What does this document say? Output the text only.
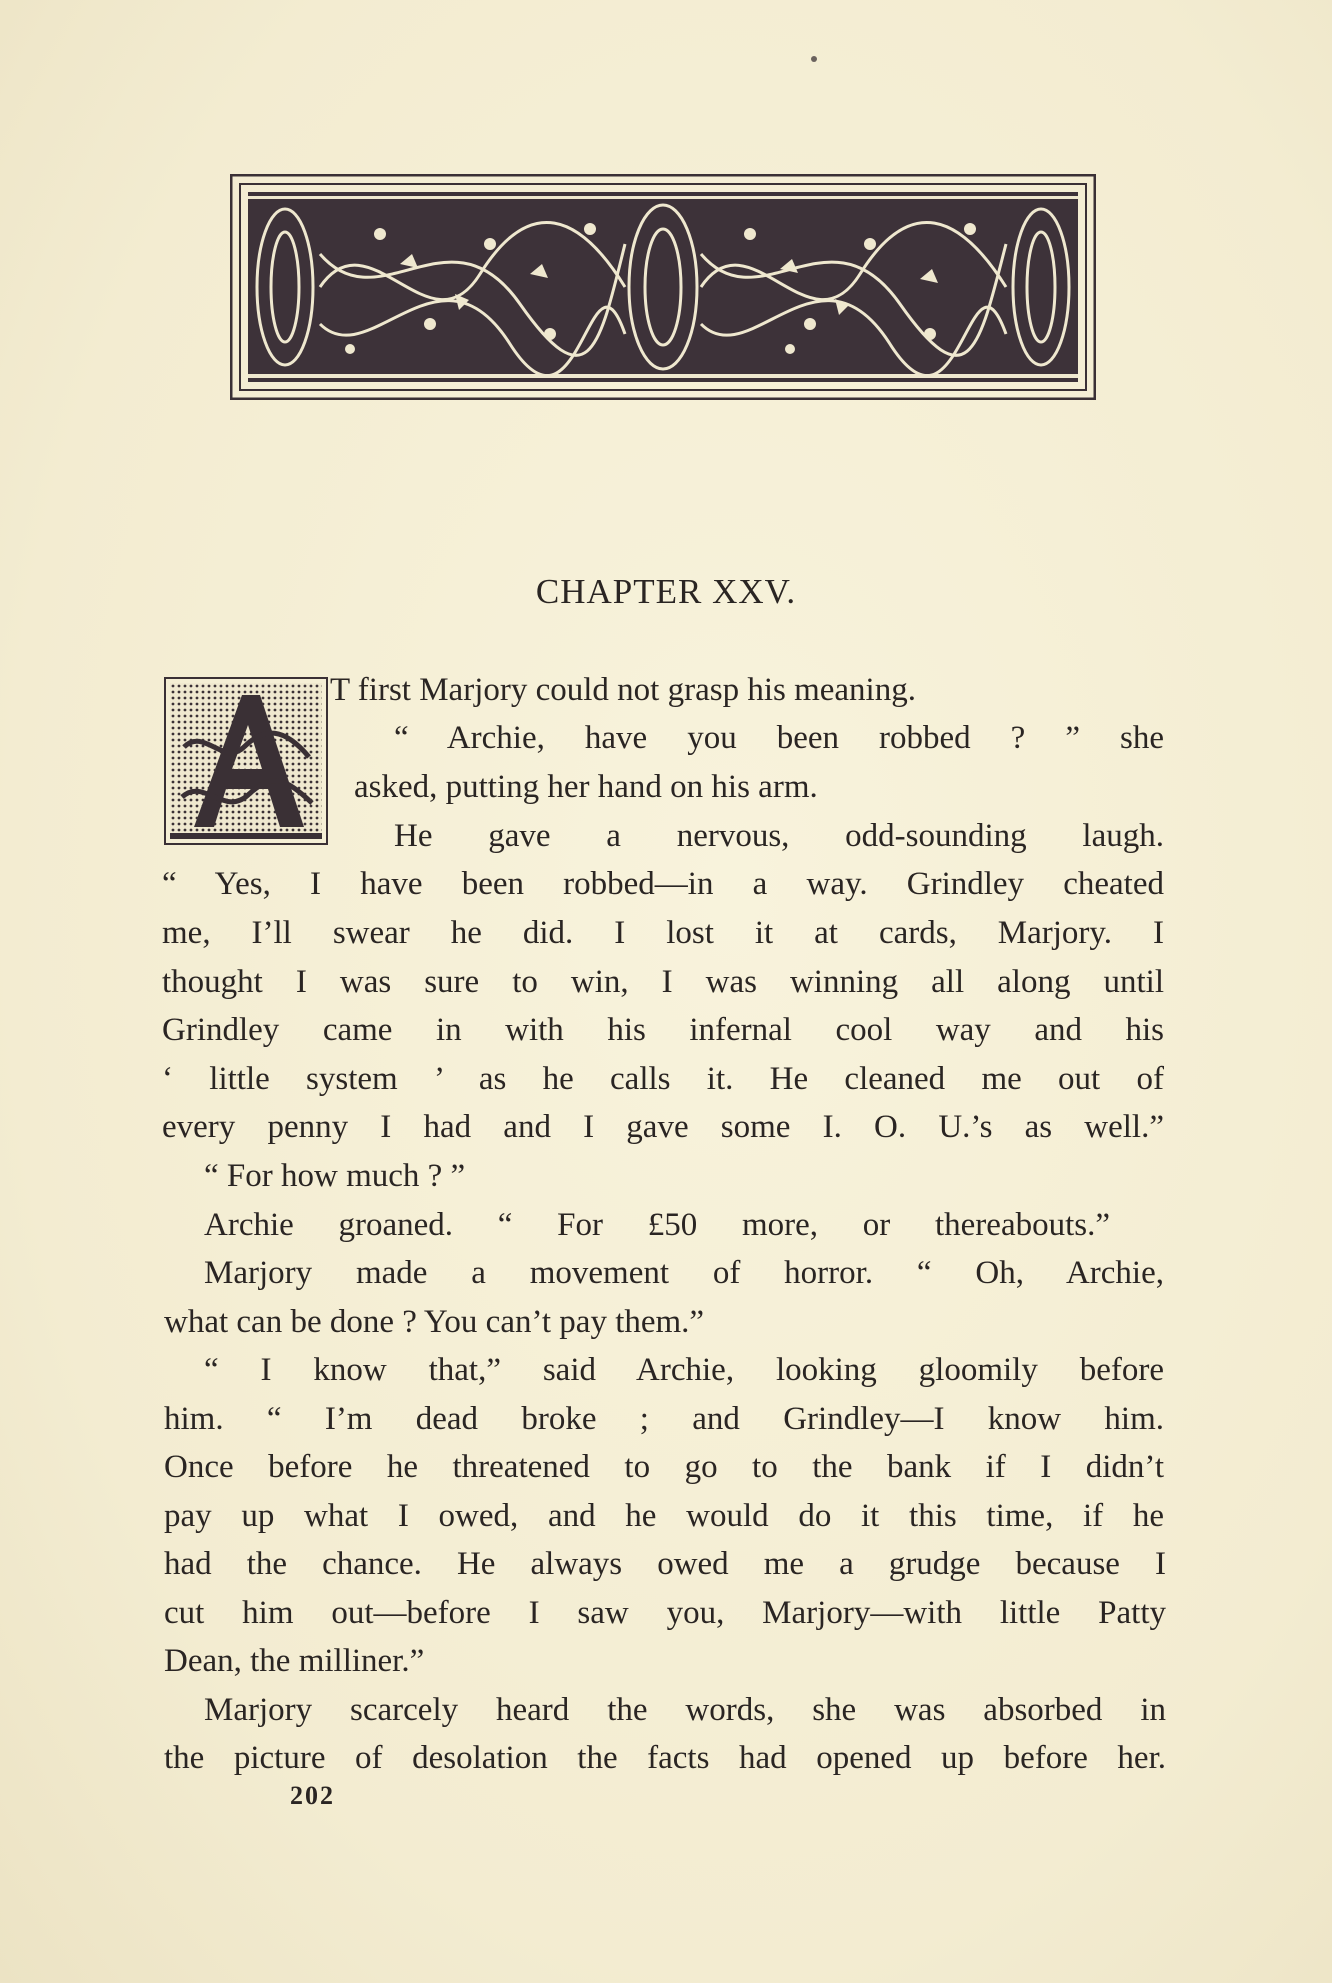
CHAPTER XXV.
T first Marjory could not grasp his meaning.
“ Archie, have you been robbed ? ” she
asked, putting her hand on his arm.
He gave a nervous, odd-sounding laugh.
“ Yes, I have been robbed—in a way. Grindley cheated
me, I’ll swear he did. I lost it at cards, Marjory. I
thought I was sure to win, I was winning all along until
Grindley came in with his infernal cool way and his
‘ little system ’ as he calls it. He cleaned me out of
every penny I had and I gave some I. O. U.’s as well.”
“ For how much ? ”
Archie groaned. “ For £50 more, or thereabouts.”
Marjory made a movement of horror. “ Oh, Archie,
what can be done ? You can’t pay them.”
“ I know that,” said Archie, looking gloomily before
him. “ I’m dead broke ; and Grindley—I know him.
Once before he threatened to go to the bank if I didn’t
pay up what I owed, and he would do it this time, if he
had the chance. He always owed me a grudge because I
cut him out—before I saw you, Marjory—with little Patty
Dean, the milliner.”
Marjory scarcely heard the words, she was absorbed in
the picture of desolation the facts had opened up before her.
202
